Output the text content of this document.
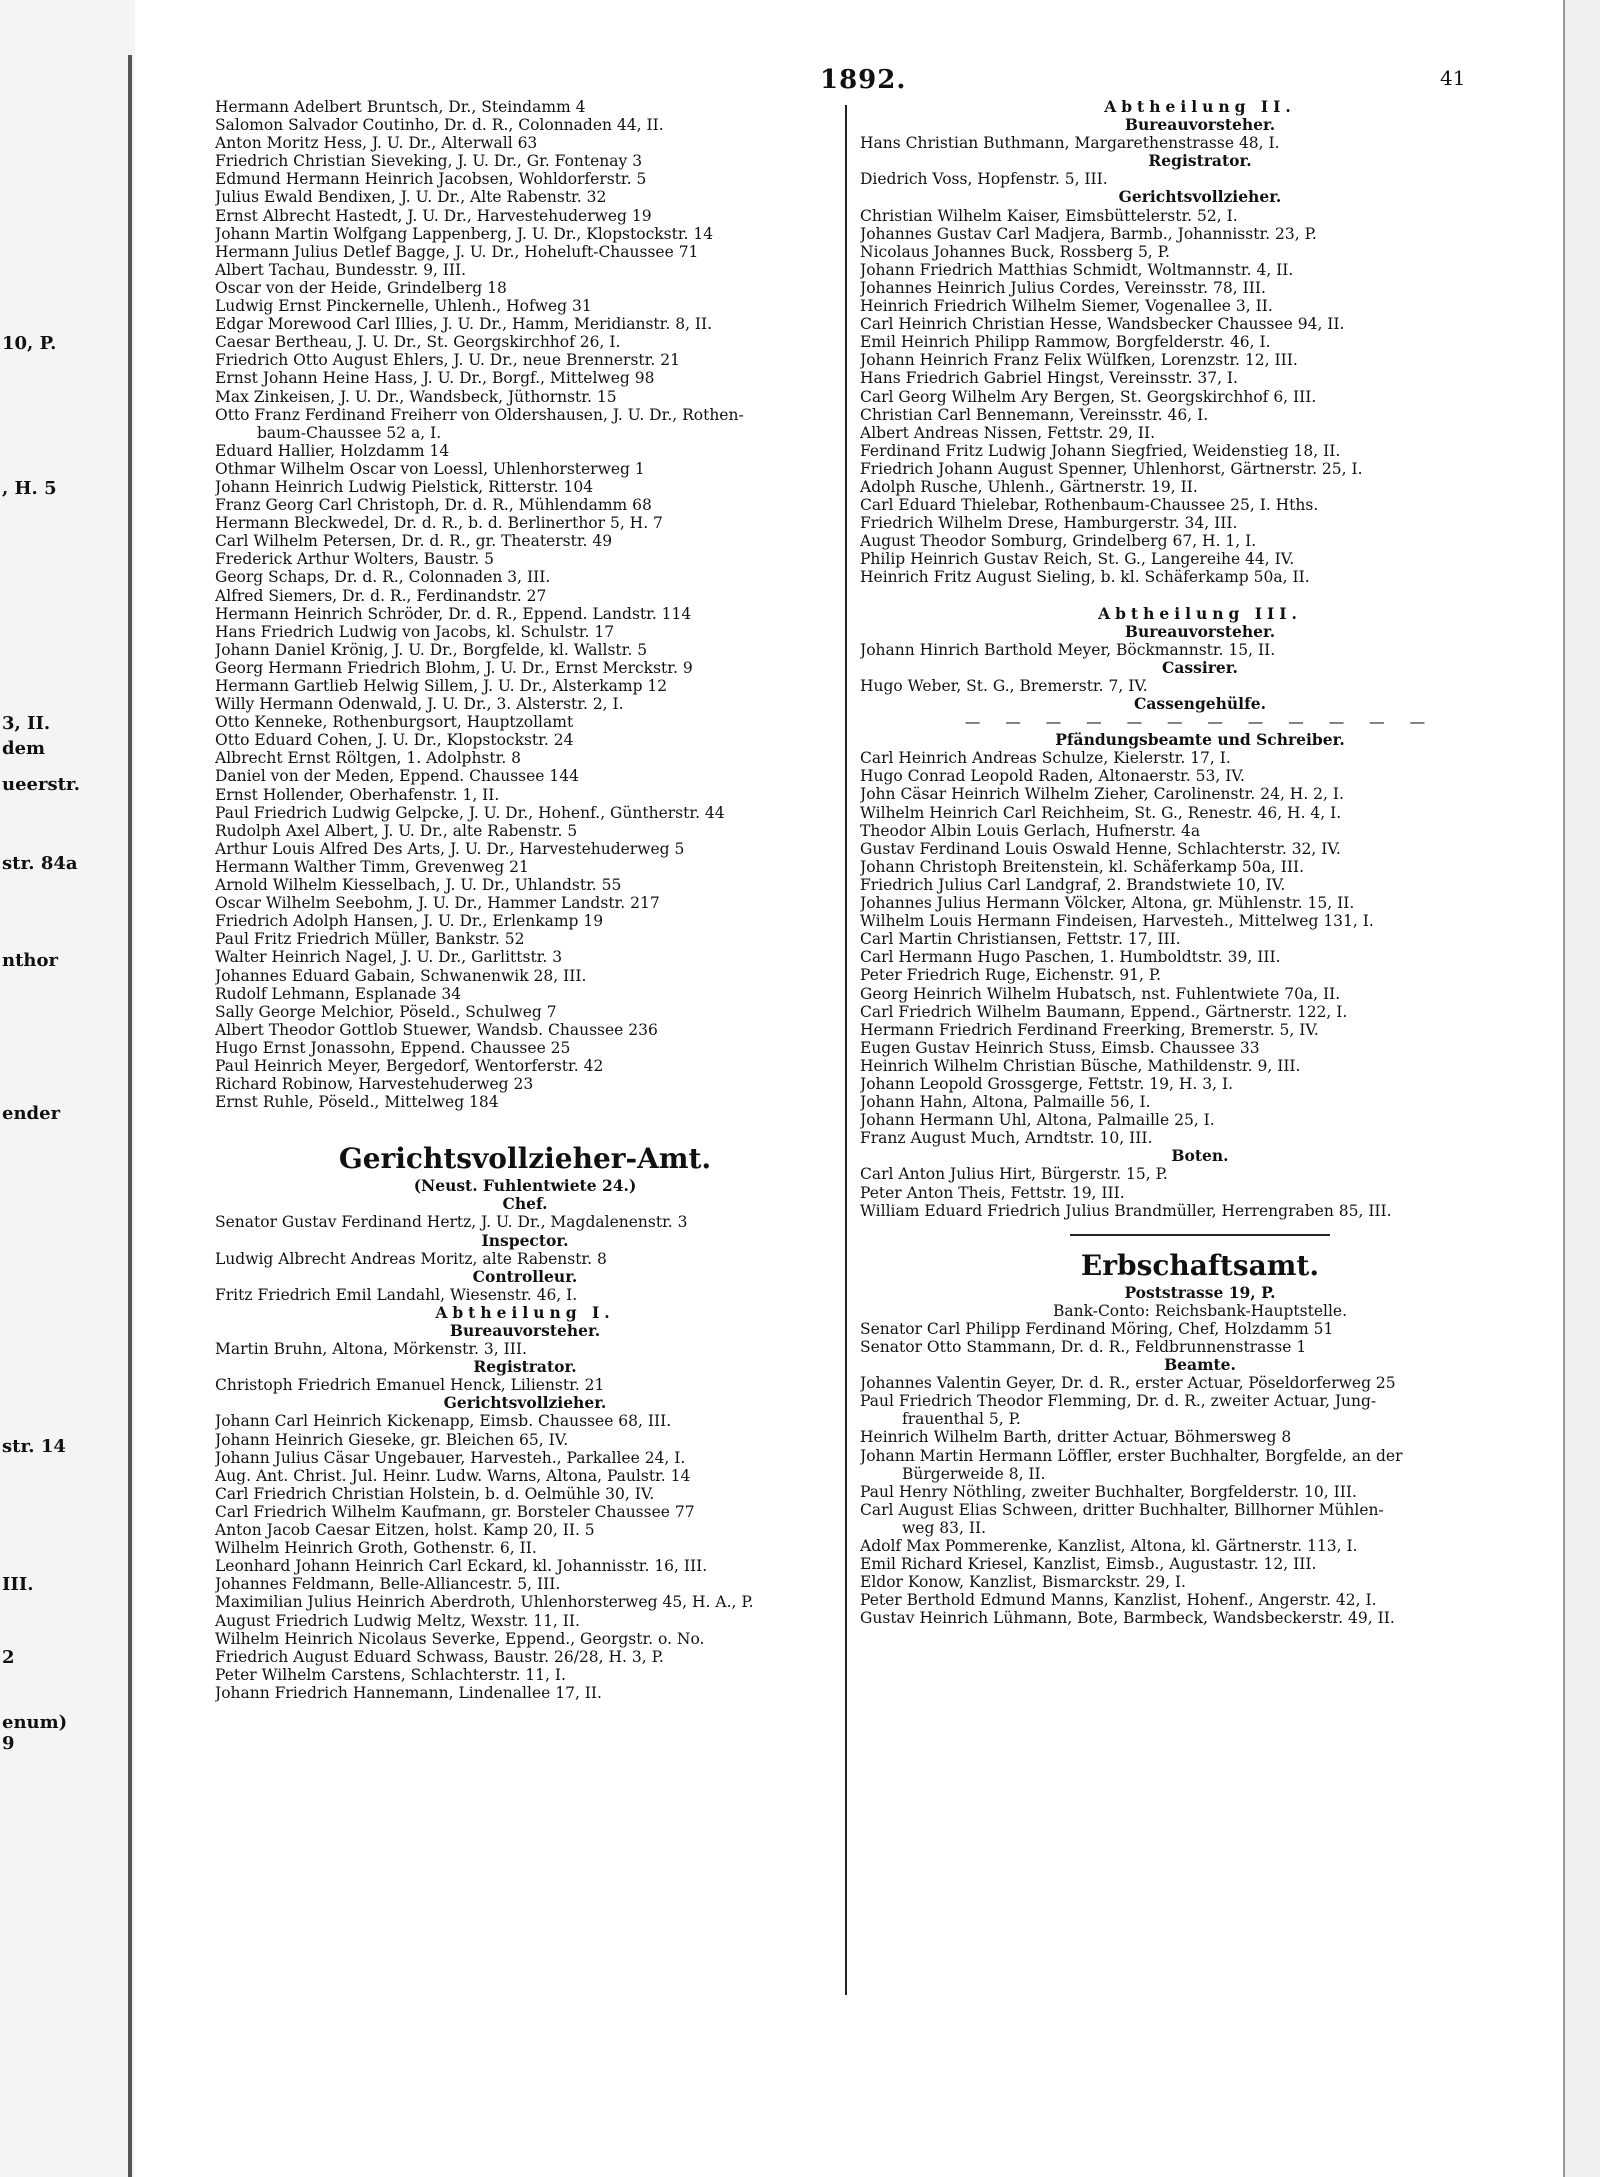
10, P.
, H. 5
3, II.
dem
ueerstr.
str. 84a
nthor
ender
str. 14
III.
2
enum)
9
1892.	41
Hermann Adelbert Bruntsch, Dr., Steindamm 4
Salomon Salvador Coutinho, Dr. d. R., Colonnaden 44, II.
Anton Moritz Hess, J. U. Dr., Alterwall 63
Friedrich Christian Sieveking, J. U. Dr., Gr. Fontenay 3
Edmund Hermann Heinrich Jacobsen, Wohldorferstr. 5
Julius Ewald Bendixen, J. U. Dr., Alte Rabenstr. 32
Ernst Albrecht Hastedt, J. U. Dr., Harvestehuderweg 19
Johann Martin Wolfgang Lappenberg, J. U. Dr., Klopstockstr. 14
Hermann Julius Detlef Bagge, J. U. Dr., Hoheluft-Chaussee 71
Albert Tachau, Bundesstr. 9, III.
Oscar von der Heide, Grindelberg 18
Ludwig Ernst Pinckernelle, Uhlenh., Hofweg 31
Edgar Morewood Carl Illies, J. U. Dr., Hamm, Meridianstr. 8, II.
Caesar Bertheau, J. U. Dr., St. Georgskirchhof 26, I.
Friedrich Otto August Ehlers, J. U. Dr., neue Brennerstr. 21
Ernst Johann Heine Hass, J. U. Dr., Borgf., Mittelweg 98
Max Zinkeisen, J. U. Dr., Wandsbeck, Jüthornstr. 15
Otto Franz Ferdinand Freiherr von Oldershausen, J. U. Dr., Rothen-
baum-Chaussee 52 a, I.
Eduard Hallier, Holzdamm 14
Othmar Wilhelm Oscar von Loessl, Uhlenhorsterweg 1
Johann Heinrich Ludwig Pielstick, Ritterstr. 104
Franz Georg Carl Christoph, Dr. d. R., Mühlendamm 68
Hermann Bleckwedel, Dr. d. R., b. d. Berlinerthor 5, H. 7
Carl Wilhelm Petersen, Dr. d. R., gr. Theaterstr. 49
Frederick Arthur Wolters, Baustr. 5
Georg Schaps, Dr. d. R., Colonnaden 3, III.
Alfred Siemers, Dr. d. R., Ferdinandstr. 27
Hermann Heinrich Schröder, Dr. d. R., Eppend. Landstr. 114
Hans Friedrich Ludwig von Jacobs, kl. Schulstr. 17
Johann Daniel Krönig, J. U. Dr., Borgfelde, kl. Wallstr. 5
Georg Hermann Friedrich Blohm, J. U. Dr., Ernst Merckstr. 9
Hermann Gartlieb Helwig Sillem, J. U. Dr., Alsterkamp 12
Willy Hermann Odenwald, J. U. Dr., 3. Alsterstr. 2, I.
Otto Kenneke, Rothenburgsort, Hauptzollamt
Otto Eduard Cohen, J. U. Dr., Klopstockstr. 24
Albrecht Ernst Röltgen, 1. Adolphstr. 8
Daniel von der Meden, Eppend. Chaussee 144
Ernst Hollender, Oberhafenstr. 1, II.
Paul Friedrich Ludwig Gelpcke, J. U. Dr., Hohenf., Güntherstr. 44
Rudolph Axel Albert, J. U. Dr., alte Rabenstr. 5
Arthur Louis Alfred Des Arts, J. U. Dr., Harvestehuderweg 5
Hermann Walther Timm, Grevenweg 21
Arnold Wilhelm Kiesselbach, J. U. Dr., Uhlandstr. 55
Oscar Wilhelm Seebohm, J. U. Dr., Hammer Landstr. 217
Friedrich Adolph Hansen, J. U. Dr., Erlenkamp 19
Paul Fritz Friedrich Müller, Bankstr. 52
Walter Heinrich Nagel, J. U. Dr., Garlittstr. 3
Johannes Eduard Gabain, Schwanenwik 28, III.
Rudolf Lehmann, Esplanade 34
Sally George Melchior, Pöseld., Schulweg 7
Albert Theodor Gottlob Stuewer, Wandsb. Chaussee 236
Hugo Ernst Jonassohn, Eppend. Chaussee 25
Paul Heinrich Meyer, Bergedorf, Wentorferstr. 42
Richard Robinow, Harvestehuderweg 23
Ernst Ruhle, Pöseld., Mittelweg 184
Gerichtsvollzieher-Amt.
(Neust. Fuhlentwiete 24.)
Chef.
Senator Gustav Ferdinand Hertz, J. U. Dr., Magdalenenstr. 3
Inspector.
Ludwig Albrecht Andreas Moritz, alte Rabenstr. 8
Controlleur.
Fritz Friedrich Emil Landahl, Wiesenstr. 46, I.
Abtheilung I.
Bureauvorsteher.
Martin Bruhn, Altona, Mörkenstr. 3, III.
Registrator.
Christoph Friedrich Emanuel Henck, Lilienstr. 21
Gerichtsvollzieher.
Johann Carl Heinrich Kickenapp, Eimsb. Chaussee 68, III.
Johann Heinrich Gieseke, gr. Bleichen 65, IV.
Johann Julius Cäsar Ungebauer, Harvesteh., Parkallee 24, I.
Aug. Ant. Christ. Jul. Heinr. Ludw. Warns, Altona, Paulstr. 14
Carl Friedrich Christian Holstein, b. d. Oelmühle 30, IV.
Carl Friedrich Wilhelm Kaufmann, gr. Borsteler Chaussee 77
Anton Jacob Caesar Eitzen, holst. Kamp 20, II. 5
Wilhelm Heinrich Groth, Gothenstr. 6, II.
Leonhard Johann Heinrich Carl Eckard, kl. Johannisstr. 16, III.
Johannes Feldmann, Belle-Alliancestr. 5, III.
Maximilian Julius Heinrich Aberdroth, Uhlenhorsterweg 45, H. A., P.
August Friedrich Ludwig Meltz, Wexstr. 11, II.
Wilhelm Heinrich Nicolaus Severke, Eppend., Georgstr. o. No.
Friedrich August Eduard Schwass, Baustr. 26/28, H. 3, P.
Peter Wilhelm Carstens, Schlachterstr. 11, I.
Johann Friedrich Hannemann, Lindenallee 17, II.
Abtheilung II.
Bureauvorsteher.
Hans Christian Buthmann, Margarethenstrasse 48, I.
Registrator.
Diedrich Voss, Hopfenstr. 5, III.
Gerichtsvollzieher.
Christian Wilhelm Kaiser, Eimsbüttelerstr. 52, I.
Johannes Gustav Carl Madjera, Barmb., Johannisstr. 23, P.
Nicolaus Johannes Buck, Rossberg 5, P.
Johann Friedrich Matthias Schmidt, Woltmannstr. 4, II.
Johannes Heinrich Julius Cordes, Vereinsstr. 78, III.
Heinrich Friedrich Wilhelm Siemer, Vogenallee 3, II.
Carl Heinrich Christian Hesse, Wandsbecker Chaussee 94, II.
Emil Heinrich Philipp Rammow, Borgfelderstr. 46, I.
Johann Heinrich Franz Felix Wülfken, Lorenzstr. 12, III.
Hans Friedrich Gabriel Hingst, Vereinsstr. 37, I.
Carl Georg Wilhelm Ary Bergen, St. Georgskirchhof 6, III.
Christian Carl Bennemann, Vereinsstr. 46, I.
Albert Andreas Nissen, Fettstr. 29, II.
Ferdinand Fritz Ludwig Johann Siegfried, Weidenstieg 18, II.
Friedrich Johann August Spenner, Uhlenhorst, Gärtnerstr. 25, I.
Adolph Rusche, Uhlenh., Gärtnerstr. 19, II.
Carl Eduard Thielebar, Rothenbaum-Chaussee 25, I. Hths.
Friedrich Wilhelm Drese, Hamburgerstr. 34, III.
August Theodor Somburg, Grindelberg 67, H. 1, I.
Philip Heinrich Gustav Reich, St. G., Langereihe 44, IV.
Heinrich Fritz August Sieling, b. kl. Schäferkamp 50a, II.
Abtheilung III.
Bureauvorsteher.
Johann Hinrich Barthold Meyer, Böckmannstr. 15, II.
Cassirer.
Hugo Weber, St. G., Bremerstr. 7, IV.
Cassengehülfe.
— — — — — — — — — — — —
Pfändungsbeamte und Schreiber.
Carl Heinrich Andreas Schulze, Kielerstr. 17, I.
Hugo Conrad Leopold Raden, Altonaerstr. 53, IV.
John Cäsar Heinrich Wilhelm Zieher, Carolinenstr. 24, H. 2, I.
Wilhelm Heinrich Carl Reichheim, St. G., Renestr. 46, H. 4, I.
Theodor Albin Louis Gerlach, Hufnerstr. 4a
Gustav Ferdinand Louis Oswald Henne, Schlachterstr. 32, IV.
Johann Christoph Breitenstein, kl. Schäferkamp 50a, III.
Friedrich Julius Carl Landgraf, 2. Brandstwiete 10, IV.
Johannes Julius Hermann Völcker, Altona, gr. Mühlenstr. 15, II.
Wilhelm Louis Hermann Findeisen, Harvesteh., Mittelweg 131, I.
Carl Martin Christiansen, Fettstr. 17, III.
Carl Hermann Hugo Paschen, 1. Humboldtstr. 39, III.
Peter Friedrich Ruge, Eichenstr. 91, P.
Georg Heinrich Wilhelm Hubatsch, nst. Fuhlentwiete 70a, II.
Carl Friedrich Wilhelm Baumann, Eppend., Gärtnerstr. 122, I.
Hermann Friedrich Ferdinand Freerking, Bremerstr. 5, IV.
Eugen Gustav Heinrich Stuss, Eimsb. Chaussee 33
Heinrich Wilhelm Christian Büsche, Mathildenstr. 9, III.
Johann Leopold Grossgerge, Fettstr. 19, H. 3, I.
Johann Hahn, Altona, Palmaille 56, I.
Johann Hermann Uhl, Altona, Palmaille 25, I.
Franz August Much, Arndtstr. 10, III.
Boten.
Carl Anton Julius Hirt, Bürgerstr. 15, P.
Peter Anton Theis, Fettstr. 19, III.
William Eduard Friedrich Julius Brandmüller, Herrengraben 85, III.
Erbschaftsamt.
Poststrasse 19, P.
Bank-Conto: Reichsbank-Hauptstelle.
Senator Carl Philipp Ferdinand Möring, Chef, Holzdamm 51
Senator Otto Stammann, Dr. d. R., Feldbrunnenstrasse 1
Beamte.
Johannes Valentin Geyer, Dr. d. R., erster Actuar, Pöseldorferweg 25
Paul Friedrich Theodor Flemming, Dr. d. R., zweiter Actuar, Jung-
frauenthal 5, P.
Heinrich Wilhelm Barth, dritter Actuar, Böhmersweg 8
Johann Martin Hermann Löffler, erster Buchhalter, Borgfelde, an der
Bürgerweide 8, II.
Paul Henry Nöthling, zweiter Buchhalter, Borgfelderstr. 10, III.
Carl August Elias Schween, dritter Buchhalter, Billhorner Mühlen-
weg 83, II.
Adolf Max Pommerenke, Kanzlist, Altona, kl. Gärtnerstr. 113, I.
Emil Richard Kriesel, Kanzlist, Eimsb., Augustastr. 12, III.
Eldor Konow, Kanzlist, Bismarckstr. 29, I.
Peter Berthold Edmund Manns, Kanzlist, Hohenf., Angerstr. 42, I.
Gustav Heinrich Lühmann, Bote, Barmbeck, Wandsbeckerstr. 49, II.
